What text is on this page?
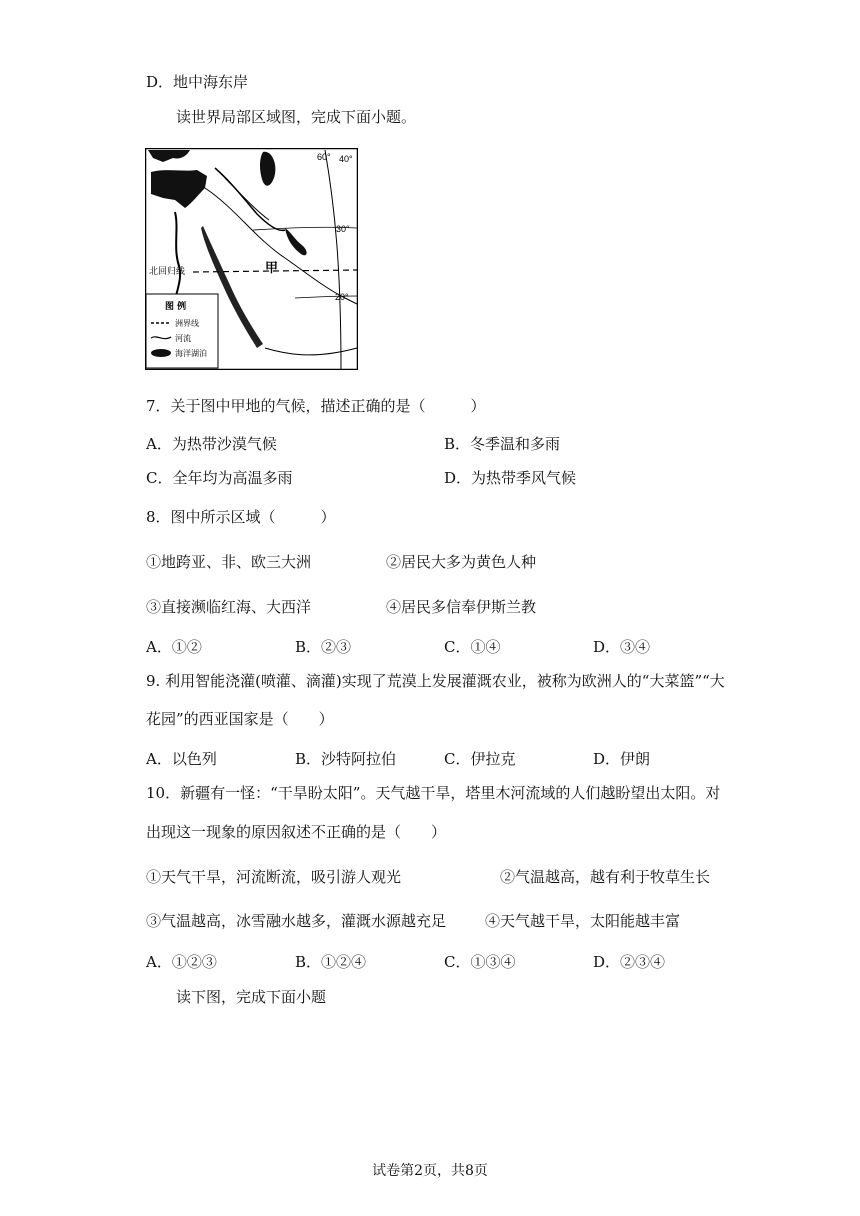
D．地中海东岸
读世界局部区域图，完成下面小题。
60° 40°
30°
20°
甲
北回归线
图 例
洲界线
河流
海洋湖泊
7．关于图中甲地的气候，描述正确的是（　　　）
A．为热带沙漠气候	B．冬季温和多雨
C．全年均为高温多雨	D．为热带季风气候
8．图中所示区域（　　　）
①地跨亚、非、欧三大洲	②居民大多为黄色人种
③直接濒临红海、大西洋	④居民多信奉伊斯兰教
A．①②	B．②③	C．①④	D．③④
9. 利用智能浇灌(喷灌、滴灌)实现了荒漠上发展灌溉农业，被称为欧洲人的“大菜篮”“大
花园”的西亚国家是（　　）
A．以色列	B．沙特阿拉伯	C．伊拉克	D．伊朗
10．新疆有一怪：“干旱盼太阳”。天气越干旱，塔里木河流域的人们越盼望出太阳。对
出现这一现象的原因叙述不正确的是（　　）
①天气干旱，河流断流，吸引游人观光	②气温越高，越有利于牧草生长
③气温越高，冰雪融水越多，灌溉水源越充足	④天气越干旱，太阳能越丰富
A．①②③	B．①②④	C．①③④	D．②③④
读下图，完成下面小题
试卷第2页，共8页
